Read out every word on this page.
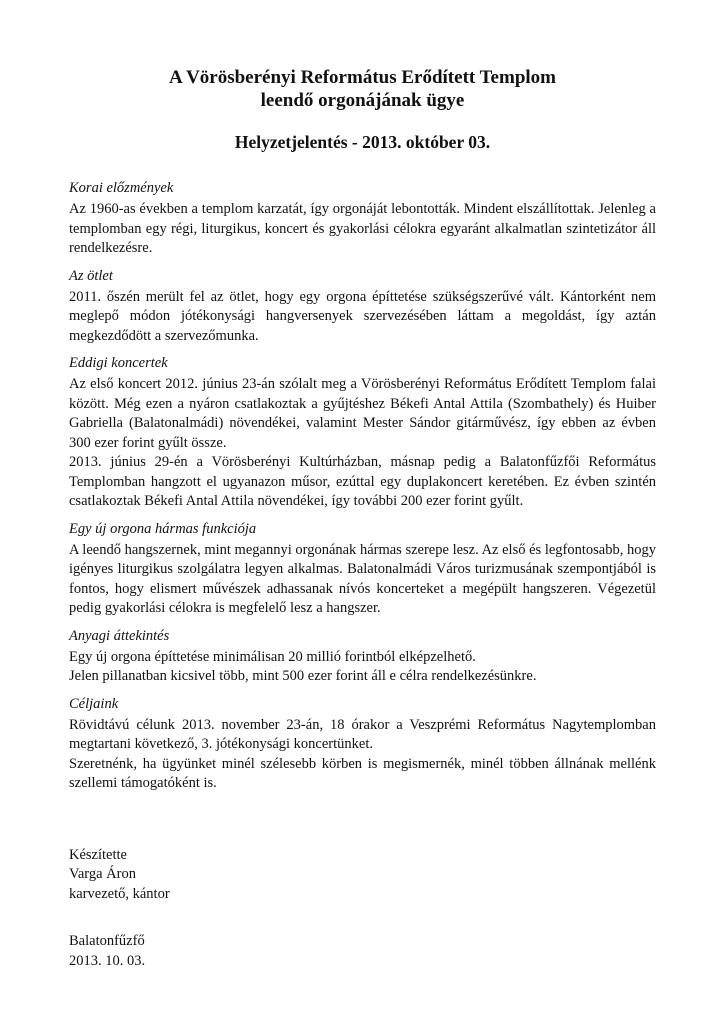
A Vörösberényi Református Erődített Templom
leendő orgonájának ügye
Helyzetjelentés - 2013. október 03.
Korai előzmények

Az 1960-as években a templom karzatát, így orgonáját lebontották. Mindent elszállítottak. Jelenleg a templomban egy régi, liturgikus, koncert és gyakorlási célokra egyaránt alkalmatlan szintetizátor áll rendelkezésre.

Az ötlet

2011. őszén merült fel az ötlet, hogy egy orgona építtetése szükségszerűvé vált. Kántorként nem meglepő módon jótékonysági hangversenyek szervezésében láttam a megoldást, így aztán megkezdődött a szervezőmunka.

Eddigi koncertek

Az első koncert 2012. június 23-án szólalt meg a Vörösberényi Református Erődített Templom falai között. Még ezen a nyáron csatlakoztak a gyűjtéshez Békefi Antal Attila (Szombathely) és Huiber Gabriella (Balatonalmádi) növendékei, valamint Mester Sándor gitárművész, így ebben az évben 300 ezer forint gyűlt össze.

2013. június 29-én a Vörösberényi Kultúrházban, másnap pedig a Balatonfűzfői Református Templomban hangzott el ugyanazon műsor, ezúttal egy duplakoncert keretében. Ez évben szintén csatlakoztak Békefi Antal Attila növendékei, így további 200 ezer forint gyűlt.

Egy új orgona hármas funkciója

A leendő hangszernek, mint megannyi orgonának hármas szerepe lesz. Az első és legfontosabb, hogy igényes liturgikus szolgálatra legyen alkalmas. Balatonalmádi Város turizmusának szempontjából is fontos, hogy elismert művészek adhassanak nívós koncerteket a megépült hangszeren. Végezetül pedig gyakorlási célokra is megfelelő lesz a hangszer.

Anyagi áttekintés

Egy új orgona építtetése minimálisan 20 millió forintból elképzelhető.

Jelen pillanatban kicsivel több, mint 500 ezer forint áll e célra rendelkezésünkre.

Céljaink

Rövidtávú célunk 2013. november 23-án, 18 órakor a Veszprémi Református Nagytemplomban megtartani következő, 3. jótékonysági koncertünket.

Szeretnénk, ha ügyünket minél szélesebb körben is megismernék, minél többen állnának mellénk szellemi támogatóként is.

Készítette
Varga Áron
karvezető, kántor
Balatonfűzfő
2013. 10. 03.
